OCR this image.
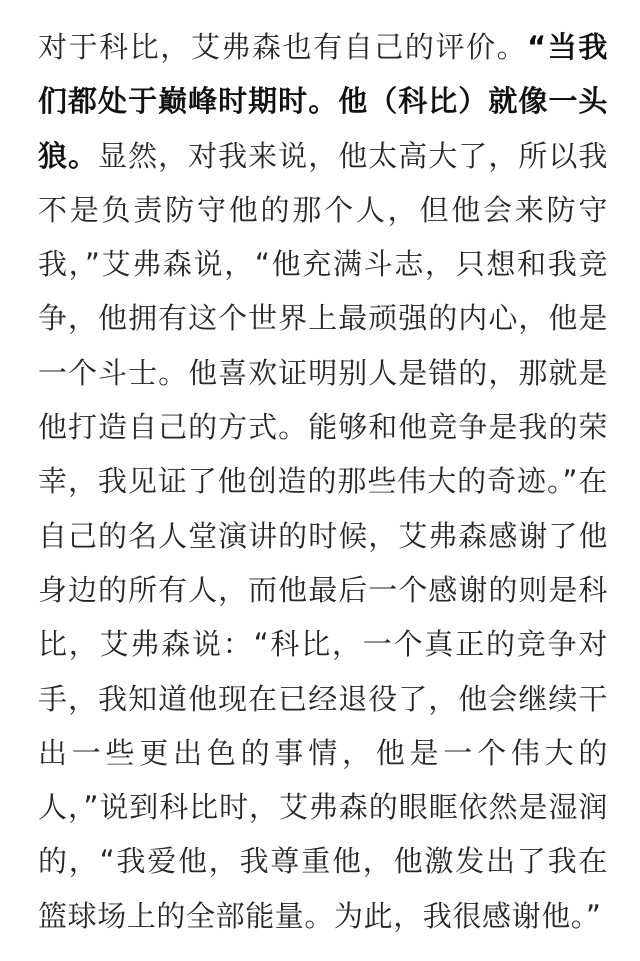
对于科比，艾弗森也有自己的评价。“当我们都处于巅峰时期时。他（科比）就像一头狼。显然，对我来说，他太高大了，所以我不是负责防守他的那个人，但他会来防守我，”艾弗森说，“他充满斗志，只想和我竞争，他拥有这个世界上最顽强的内心，他是一个斗士。他喜欢证明别人是错的，那就是他打造自己的方式。能够和他竞争是我的荣幸，我见证了他创造的那些伟大的奇迹。”在自己的名人堂演讲的时候，艾弗森感谢了他身边的所有人，而他最后一个感谢的则是科比，艾弗森说：“科比，一个真正的竞争对手，我知道他现在已经退役了，他会继续干出一些更出色的事情，他是一个伟大的人，”说到科比时，艾弗森的眼眶依然是湿润的，“我爱他，我尊重他，他激发出了我在篮球场上的全部能量。为此，我很感谢他。”
